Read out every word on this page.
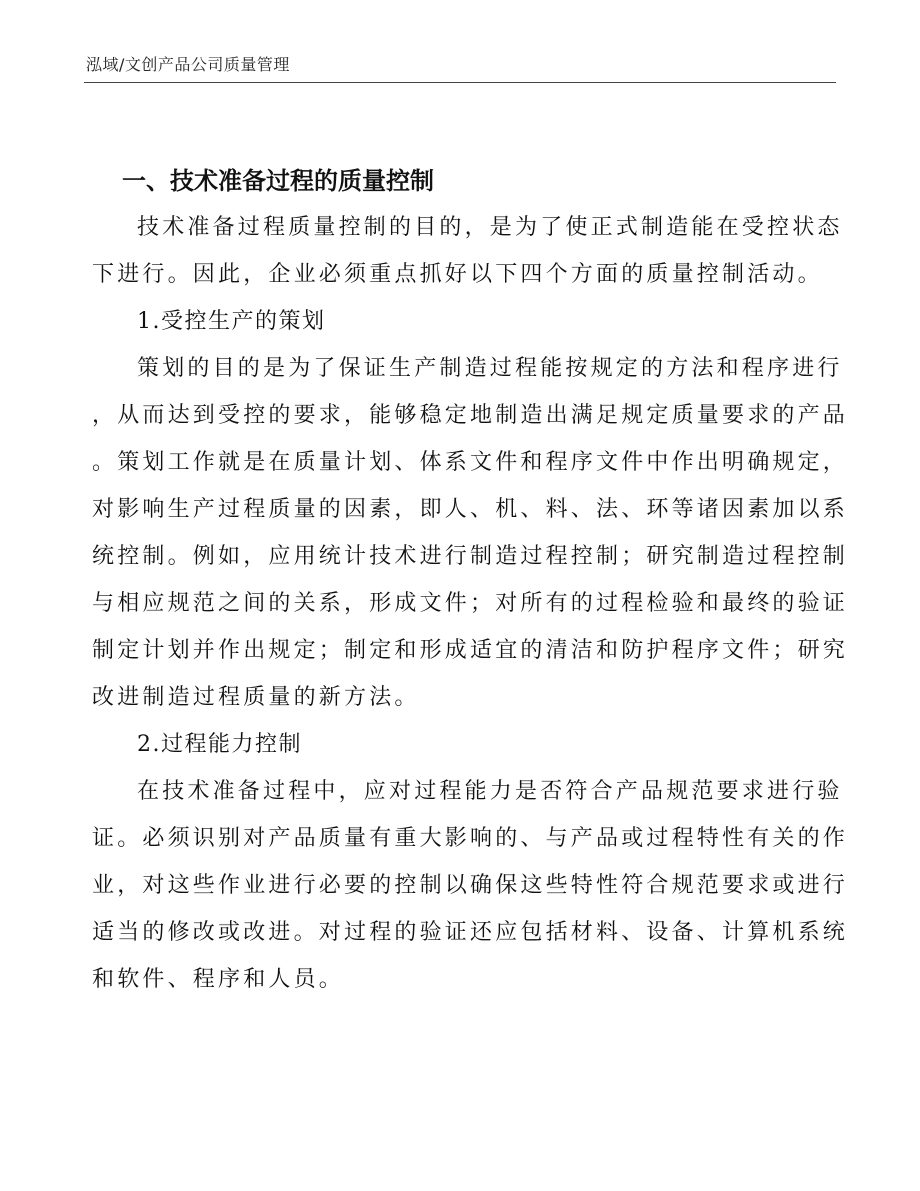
泓域/文创产品公司质量管理
一、技术准备过程的质量控制

技术准备过程质量控制的目的，是为了使正式制造能在受控状态
下进行。因此，企业必须重点抓好以下四个方面的质量控制活动。

1.受控生产的策划

策划的目的是为了保证生产制造过程能按规定的方法和程序进行
，从而达到受控的要求，能够稳定地制造出满足规定质量要求的产品
。策划工作就是在质量计划、体系文件和程序文件中作出明确规定，
对影响生产过程质量的因素，即人、机、料、法、环等诸因素加以系
统控制。例如，应用统计技术进行制造过程控制；研究制造过程控制
与相应规范之间的关系，形成文件；对所有的过程检验和最终的验证
制定计划并作出规定；制定和形成适宜的清洁和防护程序文件；研究
改进制造过程质量的新方法。

2.过程能力控制

在技术准备过程中，应对过程能力是否符合产品规范要求进行验
证。必须识别对产品质量有重大影响的、与产品或过程特性有关的作
业，对这些作业进行必要的控制以确保这些特性符合规范要求或进行
适当的修改或改进。对过程的验证还应包括材料、设备、计算机系统
和软件、程序和人员。
